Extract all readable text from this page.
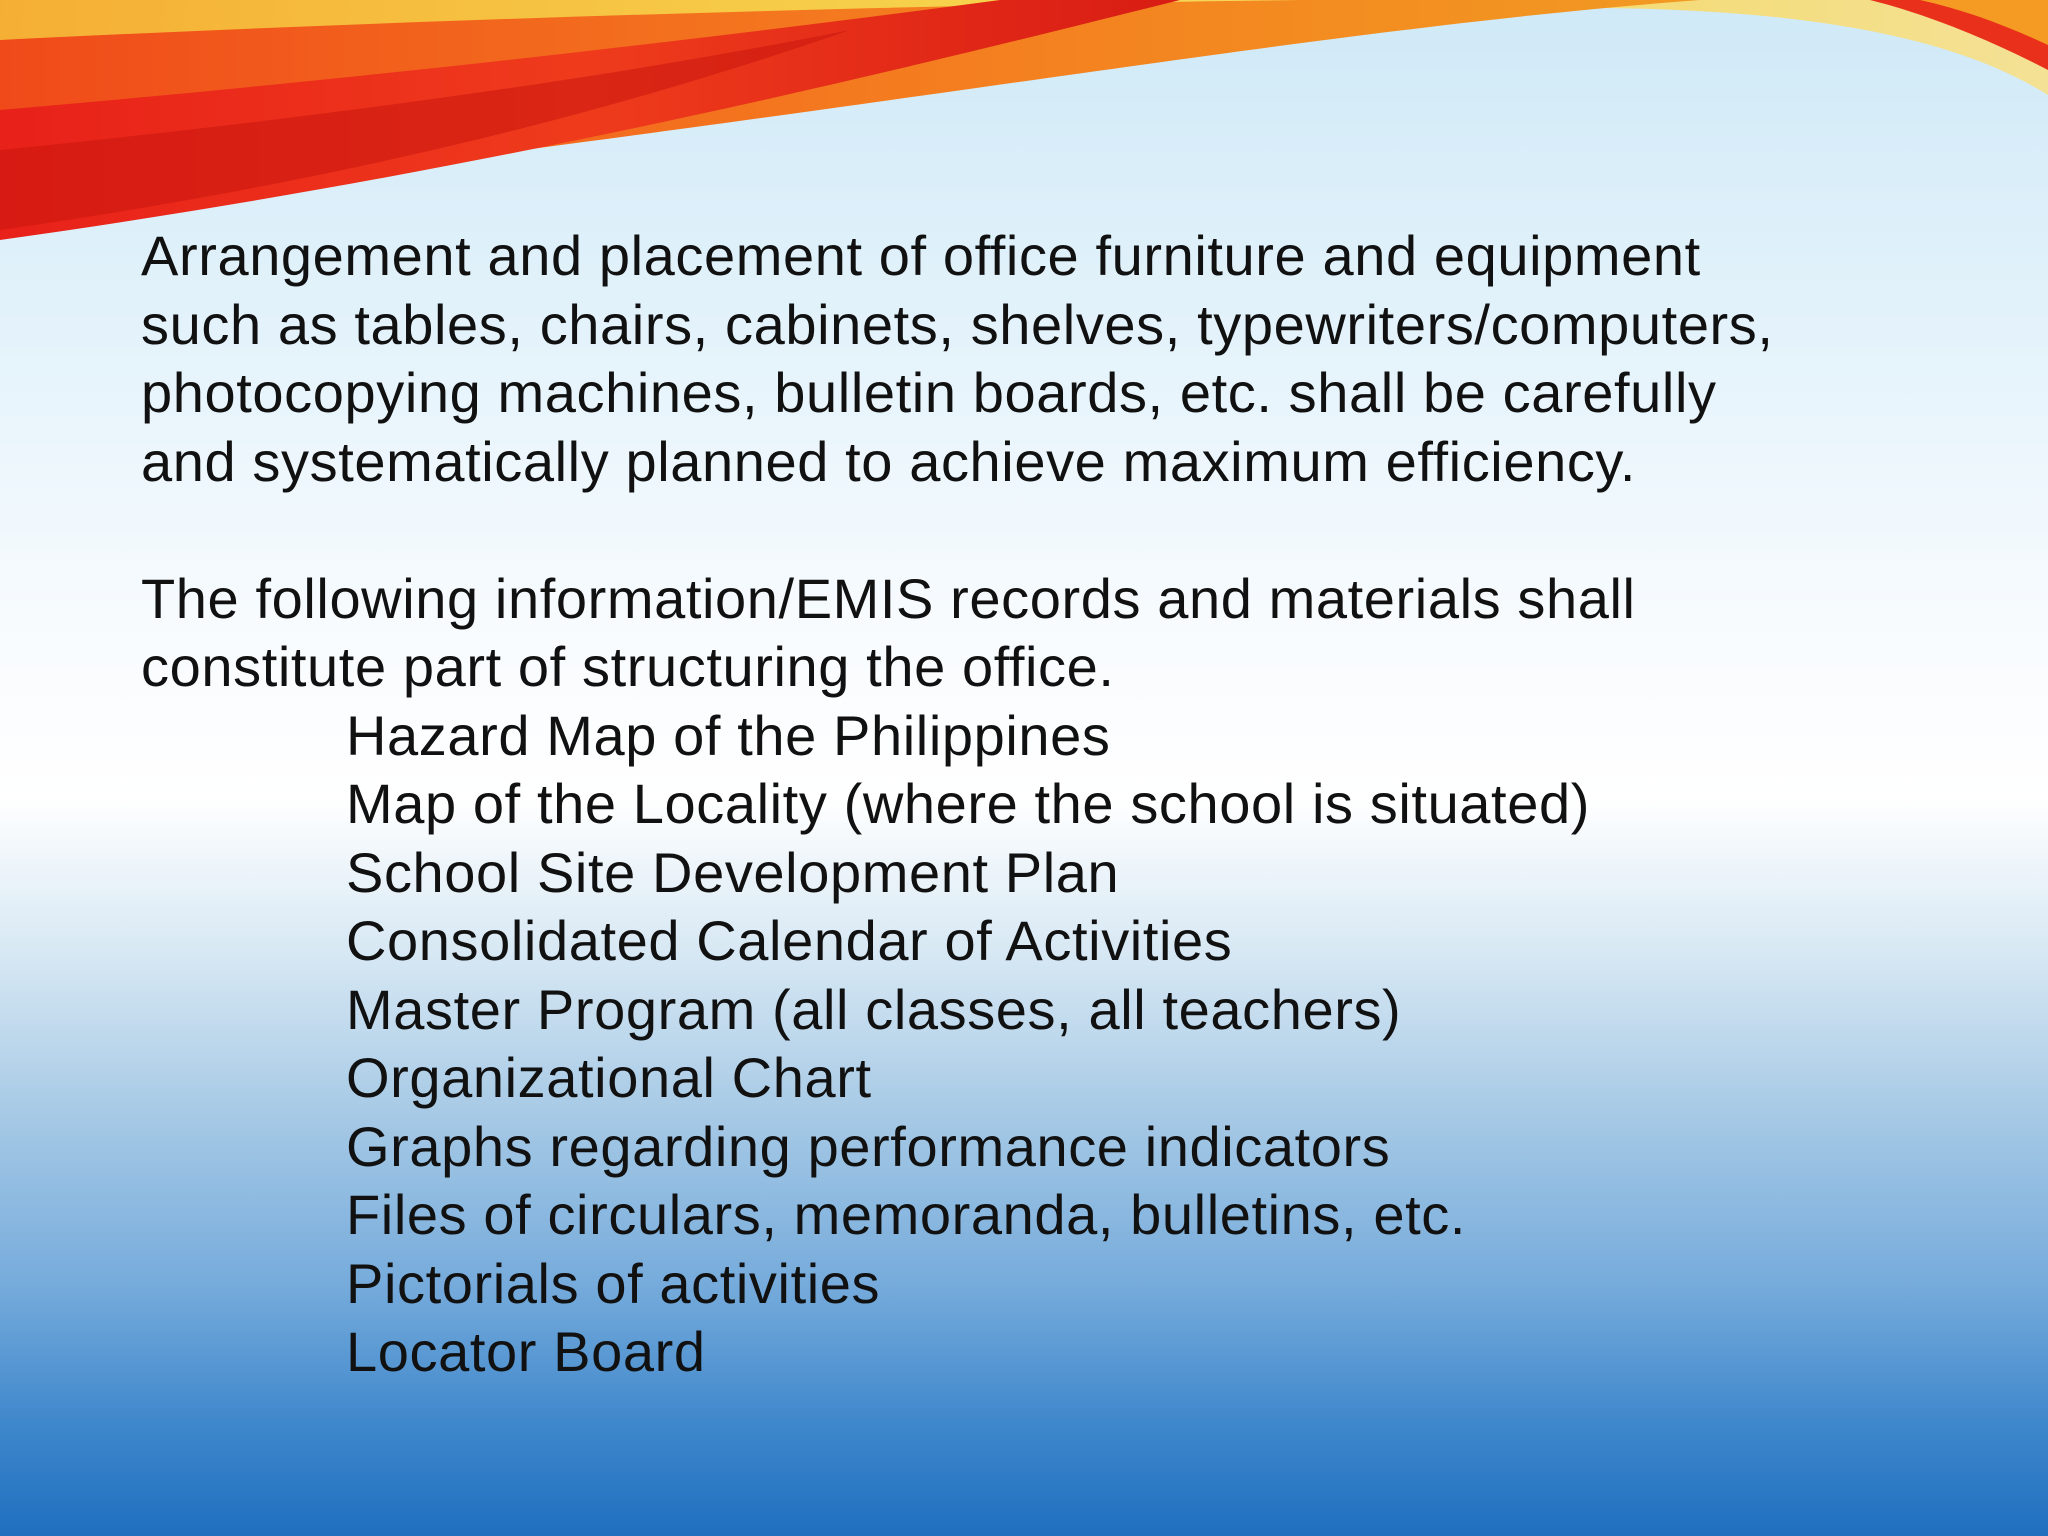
Arrangement and placement of office furniture and equipment
such as tables, chairs, cabinets, shelves, typewriters/computers,
photocopying machines, bulletin boards, etc. shall be carefully
and systematically planned to achieve maximum efficiency.

The following information/EMIS records and materials shall
constitute part of structuring the office.

Hazard Map of the Philippines
Map of the Locality (where the school is situated)
School Site Development Plan
Consolidated Calendar of Activities
Master Program (all classes, all teachers)
Organizational Chart
Graphs regarding performance indicators
Files of circulars, memoranda, bulletins, etc.
Pictorials of activities
Locator Board
